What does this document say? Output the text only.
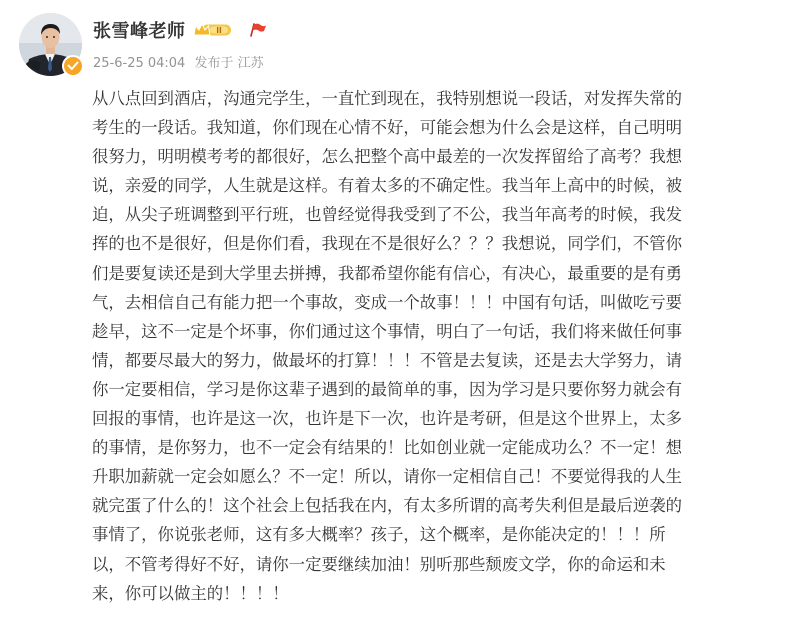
张雪峰老师	II
25-6-25 04:04 发布于 江苏
从八点回到酒店，沟通完学生，一直忙到现在，我特别想说一段话，对发挥失常的
考生的一段话。我知道，你们现在心情不好，可能会想为什么会是这样，自己明明
很努力，明明模考考的都很好，怎么把整个高中最差的一次发挥留给了高考？我想
说，亲爱的同学，人生就是这样。有着太多的不确定性。我当年上高中的时候，被
迫，从尖子班调整到平行班，也曾经觉得我受到了不公，我当年高考的时候，我发
挥的也不是很好，但是你们看，我现在不是很好么？？？我想说，同学们，不管你
们是要复读还是到大学里去拼搏，我都希望你能有信心，有决心，最重要的是有勇
气，去相信自己有能力把一个事故，变成一个故事！！！中国有句话，叫做吃亏要
趁早，这不一定是个坏事，你们通过这个事情，明白了一句话，我们将来做任何事
情，都要尽最大的努力，做最坏的打算！！！不管是去复读，还是去大学努力，请
你一定要相信，学习是你这辈子遇到的最简单的事，因为学习是只要你努力就会有
回报的事情，也许是这一次，也许是下一次，也许是考研，但是这个世界上，太多
的事情，是你努力，也不一定会有结果的！比如创业就一定能成功么？不一定！想
升职加薪就一定会如愿么？不一定！所以，请你一定相信自己！不要觉得我的人生
就完蛋了什么的！这个社会上包括我在内，有太多所谓的高考失利但是最后逆袭的
事情了，你说张老师，这有多大概率？孩子，这个概率，是你能决定的！！！所
以，不管考得好不好，请你一定要继续加油！别听那些颓废文学，你的命运和未
来，你可以做主的！！！！
